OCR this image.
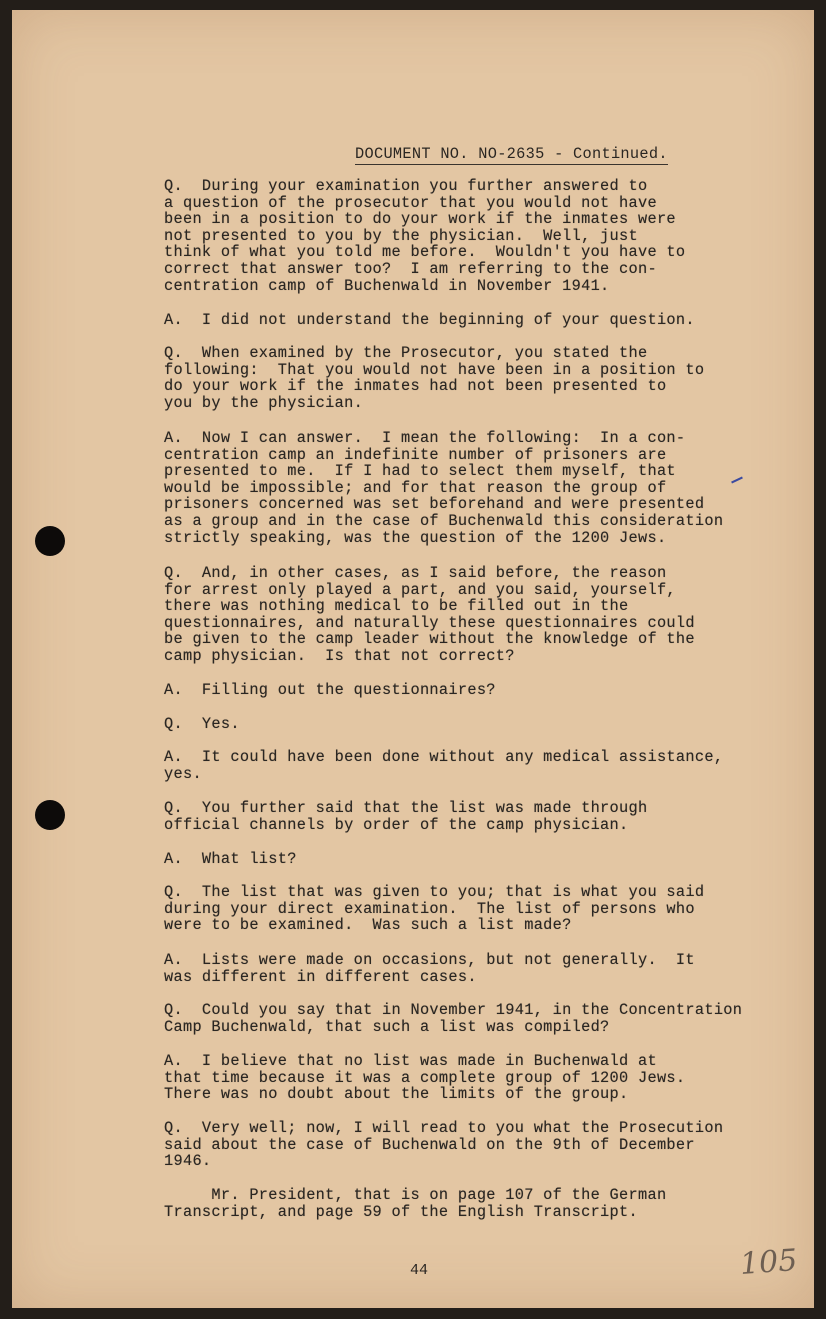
DOCUMENT NO. NO-2635 - Continued.
Q.  During your examination you further answered to
a question of the prosecutor that you would not have
been in a position to do your work if the inmates were
not presented to you by the physician.  Well, just
think of what you told me before.  Wouldn't you have to
correct that answer too?  I am referring to the con-
centration camp of Buchenwald in November 1941.
A.  I did not understand the beginning of your question.
Q.  When examined by the Prosecutor, you stated the
following:  That you would not have been in a position to
do your work if the inmates had not been presented to
you by the physician.
A.  Now I can answer.  I mean the following:  In a con-
centration camp an indefinite number of prisoners are
presented to me.  If I had to select them myself, that
would be impossible; and for that reason the group of
prisoners concerned was set beforehand and were presented
as a group and in the case of Buchenwald this consideration
strictly speaking, was the question of the 1200 Jews.
Q.  And, in other cases, as I said before, the reason
for arrest only played a part, and you said, yourself,
there was nothing medical to be filled out in the
questionnaires, and naturally these questionnaires could
be given to the camp leader without the knowledge of the
camp physician.  Is that not correct?
A.  Filling out the questionnaires?
Q.  Yes.
A.  It could have been done without any medical assistance,
yes.
Q.  You further said that the list was made through
official channels by order of the camp physician.
A.  What list?
Q.  The list that was given to you; that is what you said
during your direct examination.  The list of persons who
were to be examined.  Was such a list made?
A.  Lists were made on occasions, but not generally.  It
was different in different cases.
Q.  Could you say that in November 1941, in the Concentration
Camp Buchenwald, that such a list was compiled?
A.  I believe that no list was made in Buchenwald at
that time because it was a complete group of 1200 Jews.
There was no doubt about the limits of the group.
Q.  Very well; now, I will read to you what the Prosecution
said about the case of Buchenwald on the 9th of December
1946.
Mr. President, that is on page 107 of the German
Transcript, and page 59 of the English Transcript.
44	105
